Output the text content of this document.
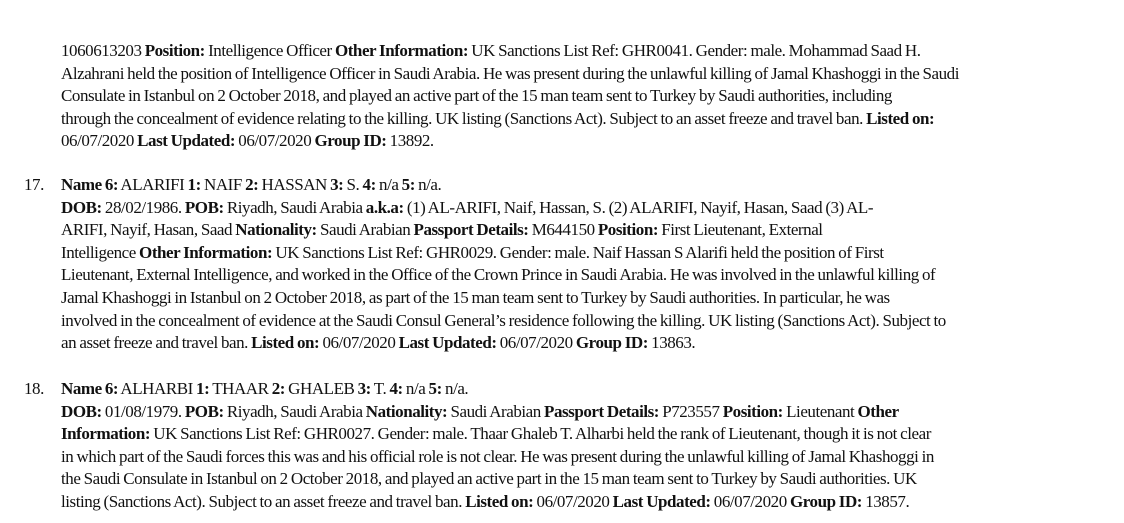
1060613203 Position: Intelligence Officer Other Information: UK Sanctions List Ref: GHR0041. Gender: male. Mohammad Saad H.
Alzahrani held the position of Intelligence Officer in Saudi Arabia. He was present during the unlawful killing of Jamal Khashoggi in the Saudi
Consulate in Istanbul on 2 October 2018, and played an active part of the 15 man team sent to Turkey by Saudi authorities, including
through the concealment of evidence relating to the killing. UK listing (Sanctions Act). Subject to an asset freeze and travel ban. Listed on:
06/07/2020 Last Updated: 06/07/2020 Group ID: 13892.
17.	Name 6: ALARIFI 1: NAIF 2: HASSAN 3: S. 4: n/a 5: n/a.
DOB: 28/02/1986. POB: Riyadh, Saudi Arabia a.k.a: (1) AL-ARIFI, Naif, Hassan, S. (2) ALARIFI, Nayif, Hasan, Saad (3) AL-
ARIFI, Nayif, Hasan, Saad Nationality: Saudi Arabian Passport Details: M644150 Position: First Lieutenant, External
Intelligence Other Information: UK Sanctions List Ref: GHR0029. Gender: male. Naif Hassan S Alarifi held the position of First
Lieutenant, External Intelligence, and worked in the Office of the Crown Prince in Saudi Arabia. He was involved in the unlawful killing of
Jamal Khashoggi in Istanbul on 2 October 2018, as part of the 15 man team sent to Turkey by Saudi authorities. In particular, he was
involved in the concealment of evidence at the Saudi Consul General’s residence following the killing. UK listing (Sanctions Act). Subject to
an asset freeze and travel ban. Listed on: 06/07/2020 Last Updated: 06/07/2020 Group ID: 13863.
18.	Name 6: ALHARBI 1: THAAR 2: GHALEB 3: T. 4: n/a 5: n/a.
DOB: 01/08/1979. POB: Riyadh, Saudi Arabia Nationality: Saudi Arabian Passport Details: P723557 Position: Lieutenant Other
Information: UK Sanctions List Ref: GHR0027. Gender: male. Thaar Ghaleb T. Alharbi held the rank of Lieutenant, though it is not clear
in which part of the Saudi forces this was and his official role is not clear. He was present during the unlawful killing of Jamal Khashoggi in
the Saudi Consulate in Istanbul on 2 October 2018, and played an active part in the 15 man team sent to Turkey by Saudi authorities. UK
listing (Sanctions Act). Subject to an asset freeze and travel ban. Listed on: 06/07/2020 Last Updated: 06/07/2020 Group ID: 13857.
